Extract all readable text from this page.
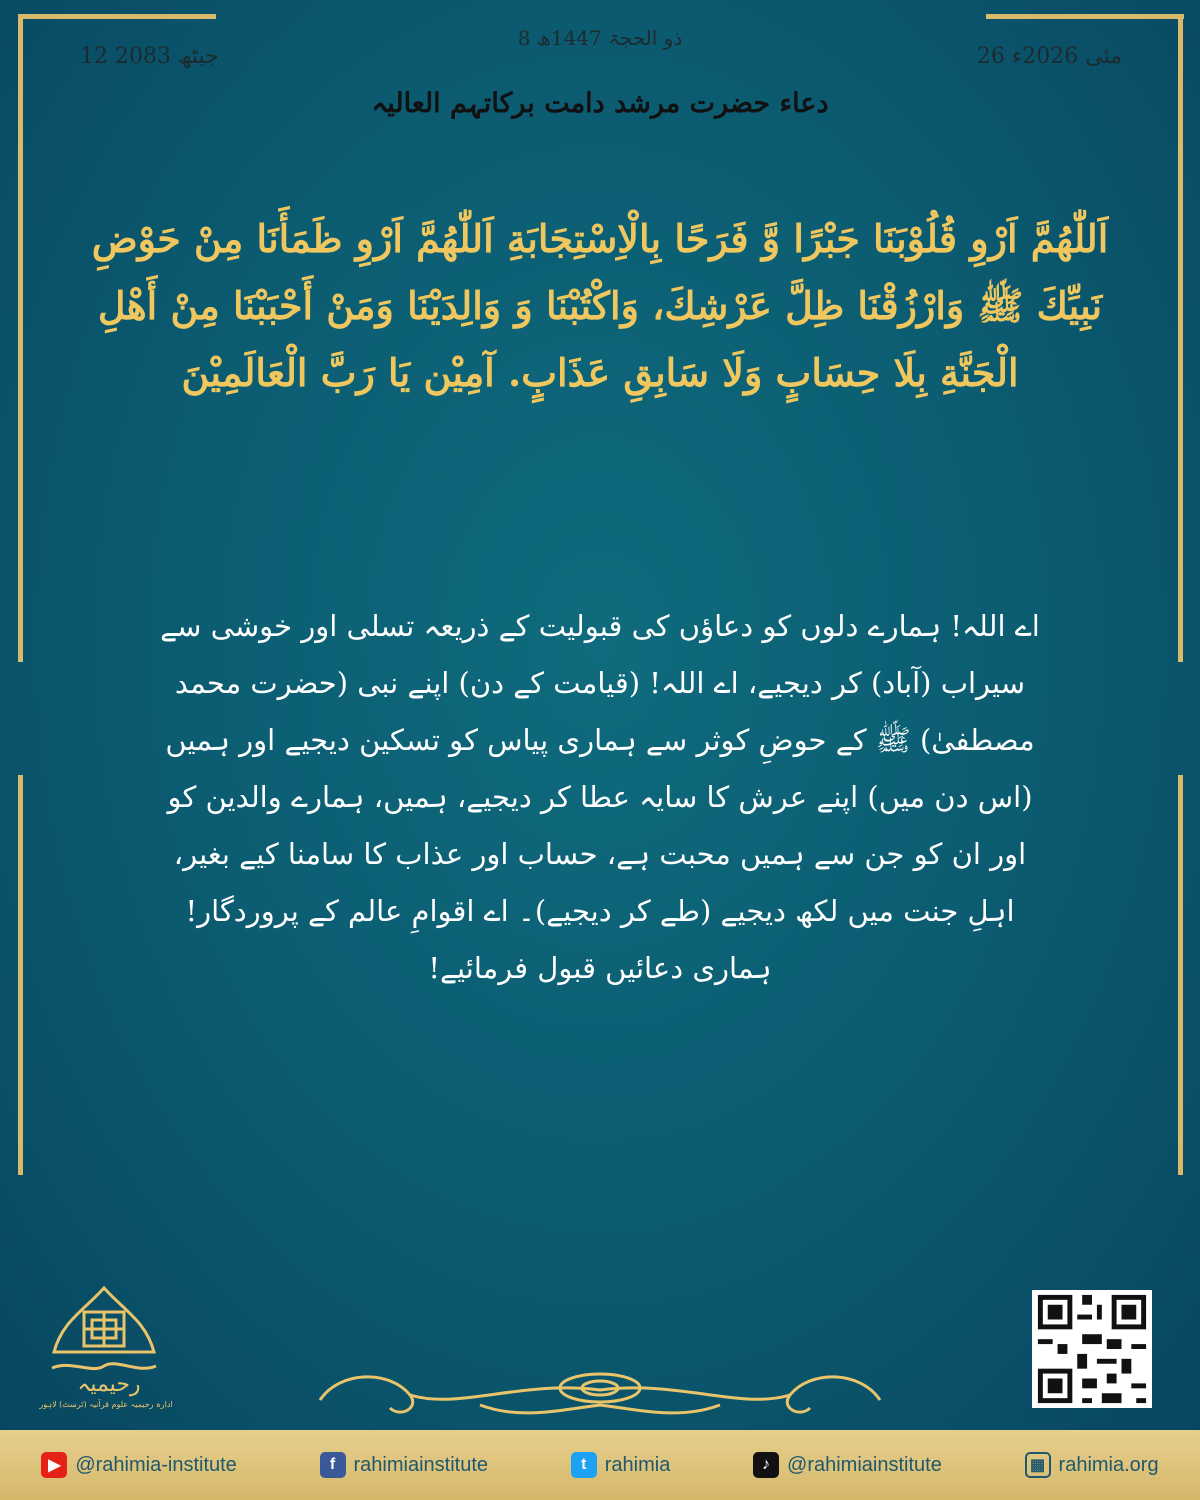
8 ذو الحجۃ 1447ھ
12 جیٹھ 2083	26 مئی 2026ء
دعاء حضرت مرشد دامت برکاتہم العالیہ
اَللّٰهُمَّ اَرْوِ قُلُوْبَنَا جَبْرًا وَّ فَرَحًا بِالْاِسْتِجَابَةِ اَللّٰهُمَّ اَرْوِ ظَمَأَنَا مِنْ حَوْضِ نَبِيِّكَ ﷺ وَارْزُقْنَا ظِلَّ عَرْشِكَ، وَاكْتُبْنَا وَ وَالِدَيْنَا وَمَنْ أَحْبَبْنَا مِنْ أَهْلِ الْجَنَّةِ بِلَا حِسَابٍ وَلَا سَابِقِ عَذَابٍ. آمِيْن يَا رَبَّ الْعَالَمِيْنَ
اے اللہ! ہمارے دلوں کو دعاؤں کی قبولیت کے ذریعہ تسلی اور خوشی سے سیراب (آباد) کر دیجیے، اے اللہ! (قیامت کے دن) اپنے نبی (حضرت محمد مصطفیٰ) ﷺ کے حوضِ کوثر سے ہماری پیاس کو تسکین دیجیے اور ہمیں (اس دن میں) اپنے عرش کا سایہ عطا کر دیجیے، ہمیں، ہمارے والدین کو اور ان کو جن سے ہمیں محبت ہے، حساب اور عذاب کا سامنا کیے بغیر، اہلِ جنت میں لکھ دیجیے (طے کر دیجیے)۔ اے اقوامِ عالم کے پروردگار! ہماری دعائیں قبول فرمائیے!
رحیمیہ
ادارہ رحیمیہ علوم قرآنیہ (ٹرسٹ) لاہور
▶ @rahimia-institute	f rahimiainstitute	t rahimia	♪ @rahimiainstitute	▦ rahimia.org
